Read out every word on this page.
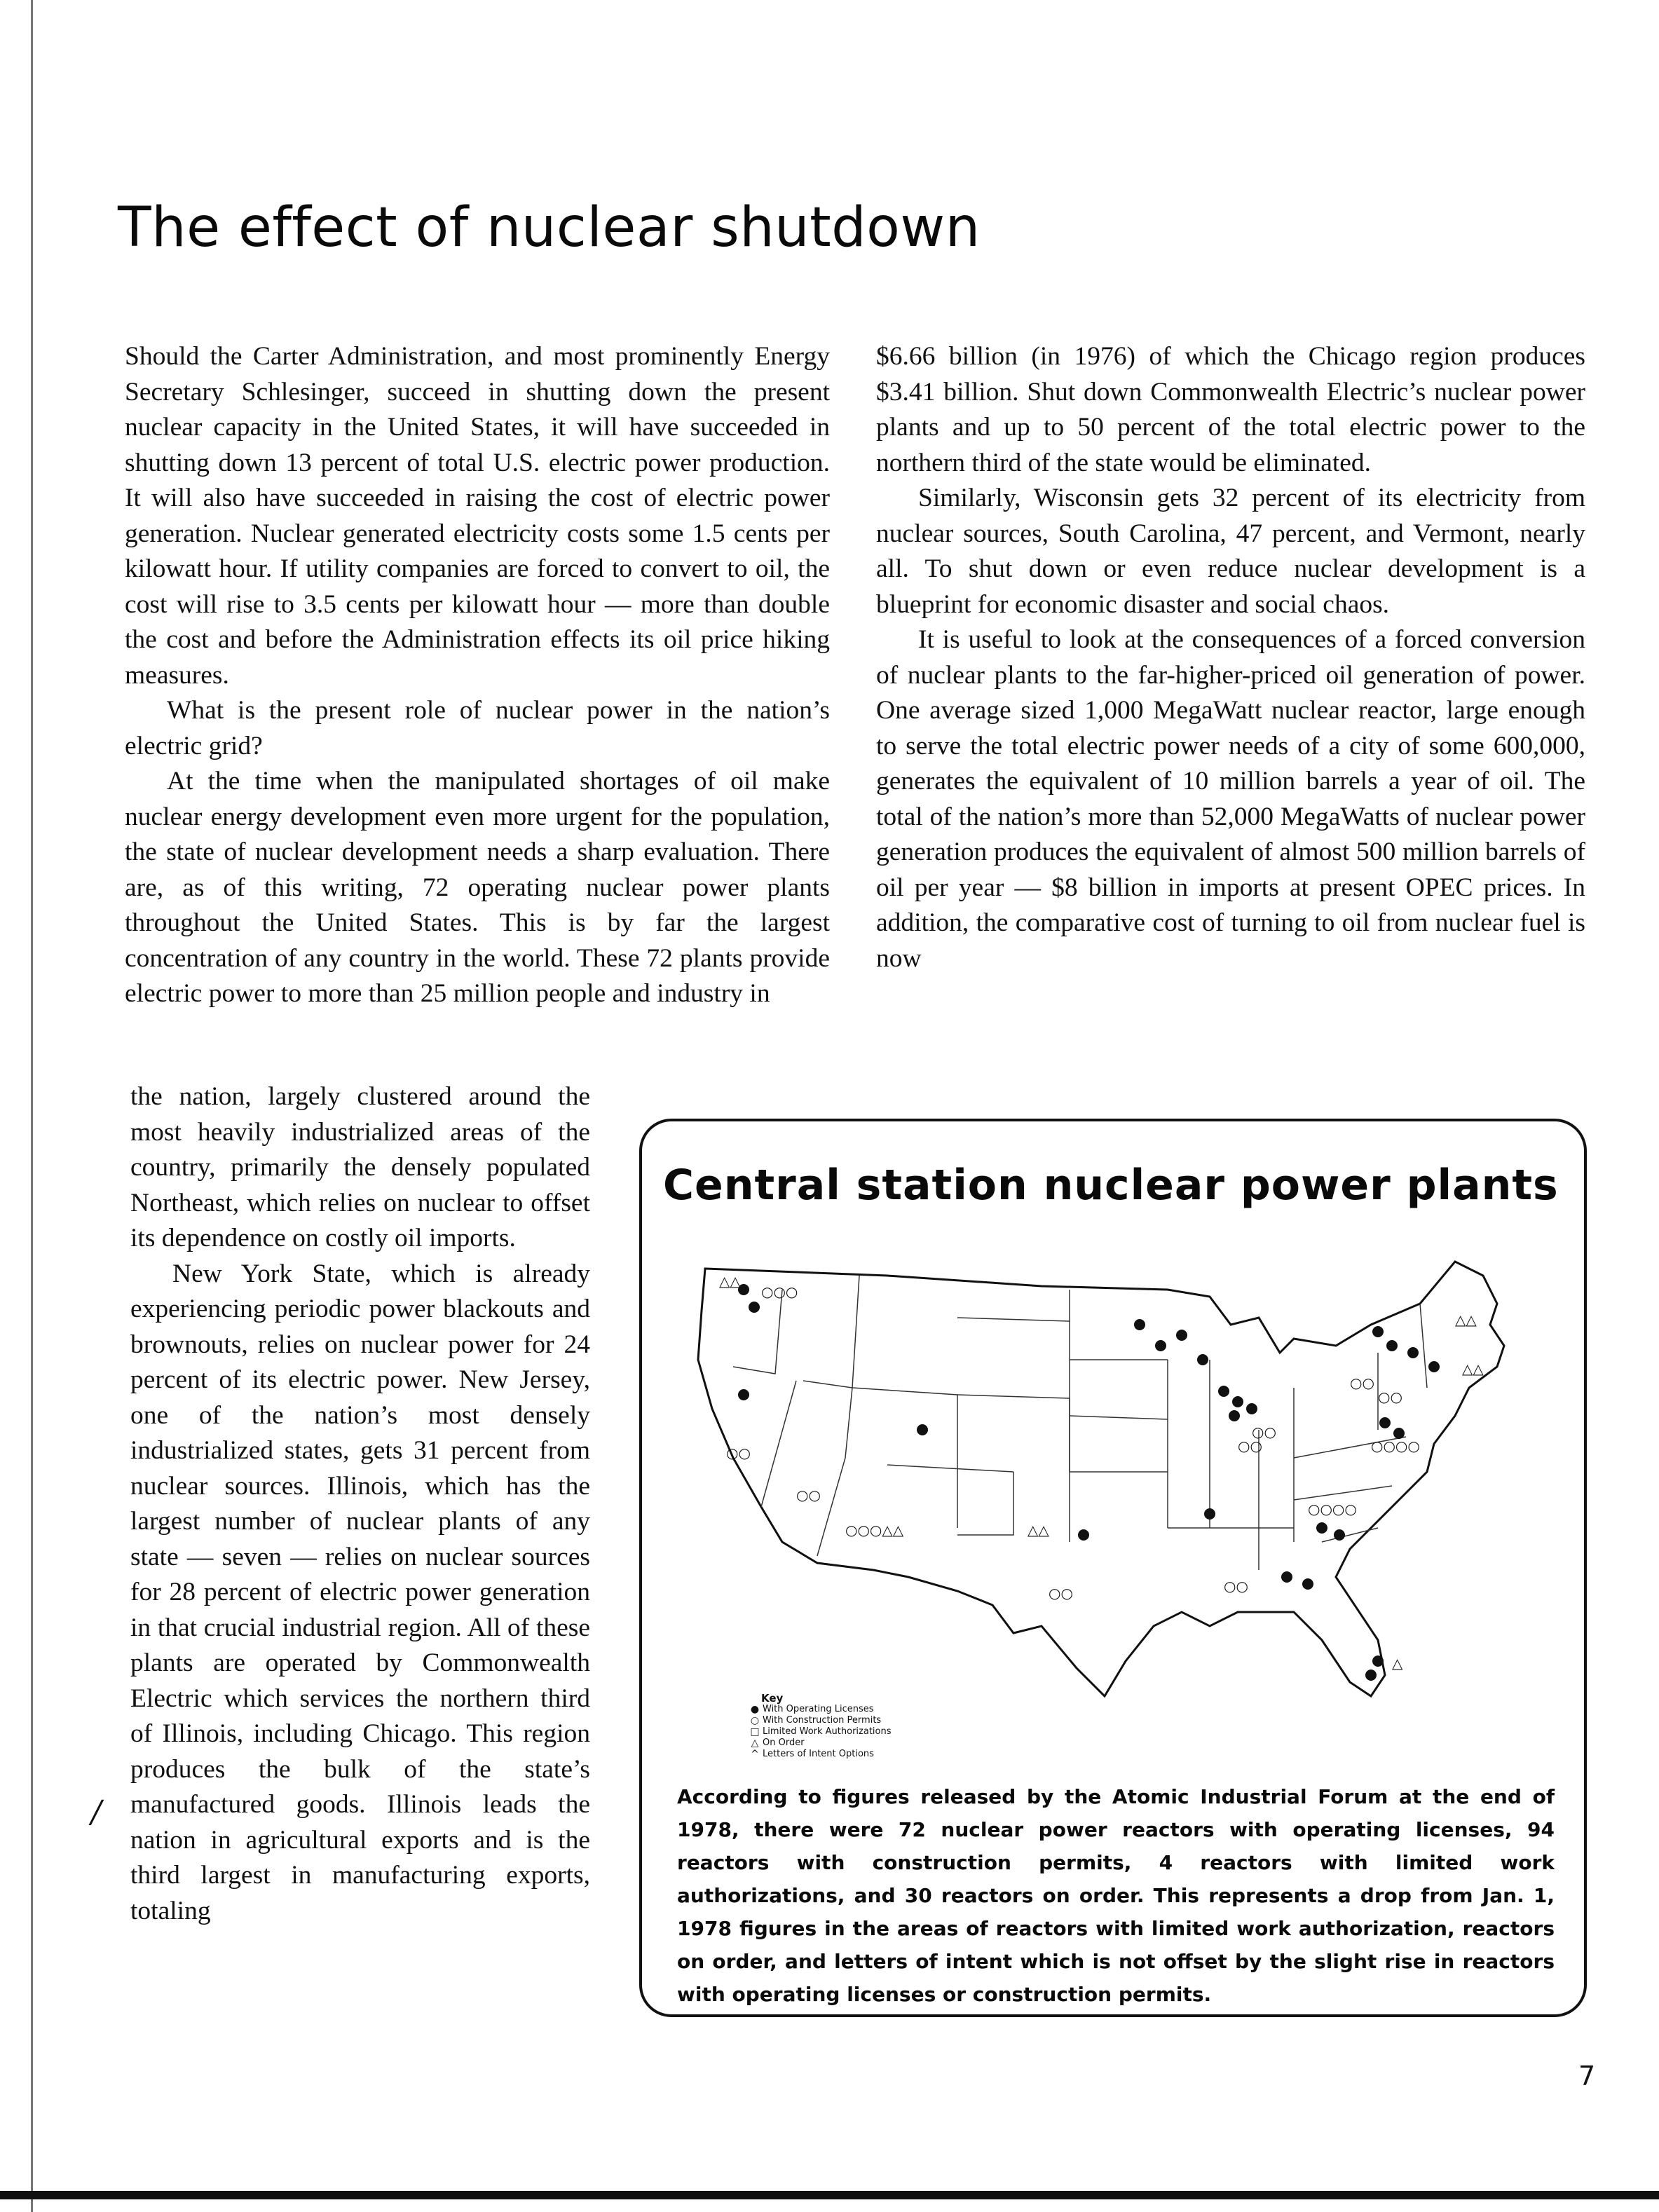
The effect of nuclear shutdown

Should the Carter Administration, and most prominently Energy Secretary Schlesinger, succeed in shutting down the present nuclear capacity in the United States, it will have succeeded in shutting down 13 percent of total U.S. electric power production. It will also have succeeded in raising the cost of electric power generation. Nuclear generated electricity costs some 1.5 cents per kilowatt hour. If utility companies are forced to convert to oil, the cost will rise to 3.5 cents per kilowatt hour — more than double the cost and before the Administration effects its oil price hiking measures.

What is the present role of nuclear power in the nation’s electric grid?

At the time when the manipulated shortages of oil make nuclear energy development even more urgent for the population, the state of nuclear development needs a sharp evaluation. There are, as of this writing, 72 operating nuclear power plants throughout the United States. This is by far the largest concentration of any country in the world. These 72 plants provide electric power to more than 25 million people and industry in

the nation, largely clustered around the most heavily industrialized areas of the country, primarily the densely populated Northeast, which relies on nuclear to offset its dependence on costly oil imports.

New York State, which is already experiencing periodic power blackouts and brownouts, relies on nuclear power for 24 percent of its electric power. New Jersey, one of the nation’s most densely industrialized states, gets 31 percent from nuclear sources. Illinois, which has the largest number of nuclear plants of any state — seven — relies on nuclear sources for 28 percent of electric power generation in that crucial industrial region. All of these plants are operated by Commonwealth Electric which services the northern third of Illinois, including Chicago. This region produces the bulk of the state’s manufactured goods. Illinois leads the nation in agricultural exports and is the third largest in manufacturing exports, totaling

$6.66 billion (in 1976) of which the Chicago region produces $3.41 billion. Shut down Commonwealth Electric’s nuclear power plants and up to 50 percent of the total electric power to the northern third of the state would be eliminated.

Similarly, Wisconsin gets 32 percent of its electricity from nuclear sources, South Carolina, 47 percent, and Vermont, nearly all. To shut down or even reduce nuclear development is a blueprint for economic disaster and social chaos.

It is useful to look at the consequences of a forced conversion of nuclear plants to the far-higher-priced oil generation of power. One average sized 1,000 MegaWatt nuclear reactor, large enough to serve the total electric power needs of a city of some 600,000, generates the equivalent of 10 million barrels a year of oil. The total of the nation’s more than 52,000 MegaWatts of nuclear power generation produces the equivalent of almost 500 million barrels of oil per year — $8 billion in imports at present OPEC prices. In addition, the comparative cost of turning to oil from nuclear fuel is now

Central station nuclear power plants
△△
○○○
○○
○○
○○
○○
△△
△△
○○○○
○○○○
△△
○○
○○
○○○△△
○○	○○
△
Key
● With Operating Licenses
○ With Construction Permits
□ Limited Work Authorizations
△ On Order
^ Letters of Intent Options

According to figures released by the Atomic Industrial Forum at the end of 1978, there were 72 nuclear power reactors with operating licenses, 94 reactors with construction permits, 4 reactors with limited work authorizations, and 30 reactors on order. This represents a drop from Jan. 1, 1978 figures in the areas of reactors with limited work authorization, reactors on order, and letters of intent which is not offset by the slight rise in reactors with operating licenses or construction permits.

/
7
